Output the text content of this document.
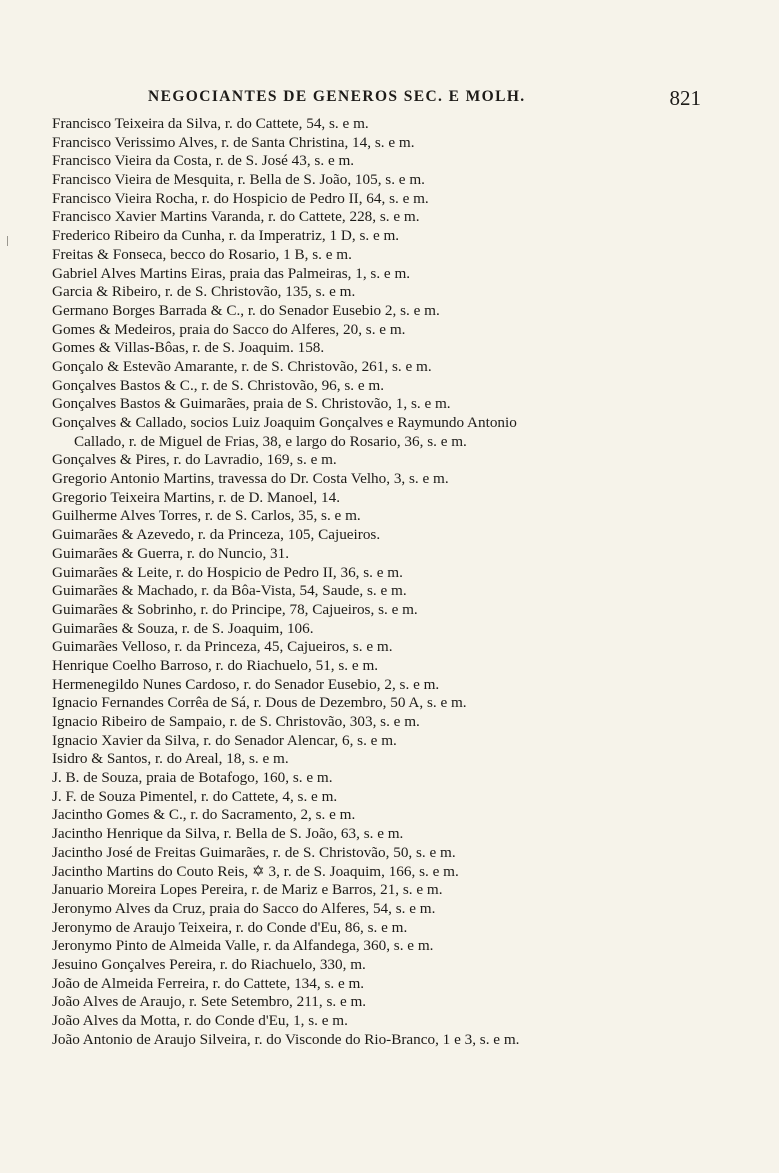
NEGOCIANTES DE GENEROS SEC. E MOLH.	821
Francisco Teixeira da Silva, r. do Cattete, 54, s. e m.
Francisco Verissimo Alves, r. de Santa Christina, 14, s. e m.
Francisco Vieira da Costa, r. de S. José 43, s. e m.
Francisco Vieira de Mesquita, r. Bella de S. João, 105, s. e m.
Francisco Vieira Rocha, r. do Hospicio de Pedro II, 64, s. e m.
Francisco Xavier Martins Varanda, r. do Cattete, 228, s. e m.
Frederico Ribeiro da Cunha, r. da Imperatriz, 1 D, s. e m.
Freitas & Fonseca, becco do Rosario, 1 B, s. e m.
Gabriel Alves Martins Eiras, praia das Palmeiras, 1, s. e m.
Garcia & Ribeiro, r. de S. Christovão, 135, s. e m.
Germano Borges Barrada & C., r. do Senador Eusebio 2, s. e m.
Gomes & Medeiros, praia do Sacco do Alferes, 20, s. e m.
Gomes & Villas-Bôas, r. de S. Joaquim. 158.
Gonçalo & Estevão Amarante, r. de S. Christovão, 261, s. e m.
Gonçalves Bastos & C., r. de S. Christovão, 96, s. e m.
Gonçalves Bastos & Guimarães, praia de S. Christovão, 1, s. e m.
Gonçalves & Callado, socios Luiz Joaquim Gonçalves e Raymundo Antonio
Callado, r. de Miguel de Frias, 38, e largo do Rosario, 36, s. e m.
Gonçalves & Pires, r. do Lavradio, 169, s. e m.
Gregorio Antonio Martins, travessa do Dr. Costa Velho, 3, s. e m.
Gregorio Teixeira Martins, r. de D. Manoel, 14.
Guilherme Alves Torres, r. de S. Carlos, 35, s. e m.
Guimarães & Azevedo, r. da Princeza, 105, Cajueiros.
Guimarães & Guerra, r. do Nuncio, 31.
Guimarães & Leite, r. do Hospicio de Pedro II, 36, s. e m.
Guimarães & Machado, r. da Bôa-Vista, 54, Saude, s. e m.
Guimarães & Sobrinho, r. do Principe, 78, Cajueiros, s. e m.
Guimarães & Souza, r. de S. Joaquim, 106.
Guimarães Velloso, r. da Princeza, 45, Cajueiros, s. e m.
Henrique Coelho Barroso, r. do Riachuelo, 51, s. e m.
Hermenegildo Nunes Cardoso, r. do Senador Eusebio, 2, s. e m.
Ignacio Fernandes Corrêa de Sá, r. Dous de Dezembro, 50 A, s. e m.
Ignacio Ribeiro de Sampaio, r. de S. Christovão, 303, s. e m.
Ignacio Xavier da Silva, r. do Senador Alencar, 6, s. e m.
Isidro & Santos, r. do Areal, 18, s. e m.
J. B. de Souza, praia de Botafogo, 160, s. e m.
J. F. de Souza Pimentel, r. do Cattete, 4, s. e m.
Jacintho Gomes & C., r. do Sacramento, 2, s. e m.
Jacintho Henrique da Silva, r. Bella de S. João, 63, s. e m.
Jacintho José de Freitas Guimarães, r. de S. Christovão, 50, s. e m.
Jacintho Martins do Couto Reis, ✡ 3, r. de S. Joaquim, 166, s. e m.
Januario Moreira Lopes Pereira, r. de Mariz e Barros, 21, s. e m.
Jeronymo Alves da Cruz, praia do Sacco do Alferes, 54, s. e m.
Jeronymo de Araujo Teixeira, r. do Conde d'Eu, 86, s. e m.
Jeronymo Pinto de Almeida Valle, r. da Alfandega, 360, s. e m.
Jesuino Gonçalves Pereira, r. do Riachuelo, 330, m.
João de Almeida Ferreira, r. do Cattete, 134, s. e m.
João Alves de Araujo, r. Sete Setembro, 211, s. e m.
João Alves da Motta, r. do Conde d'Eu, 1, s. e m.
João Antonio de Araujo Silveira, r. do Visconde do Rio-Branco, 1 e 3, s. e m.
